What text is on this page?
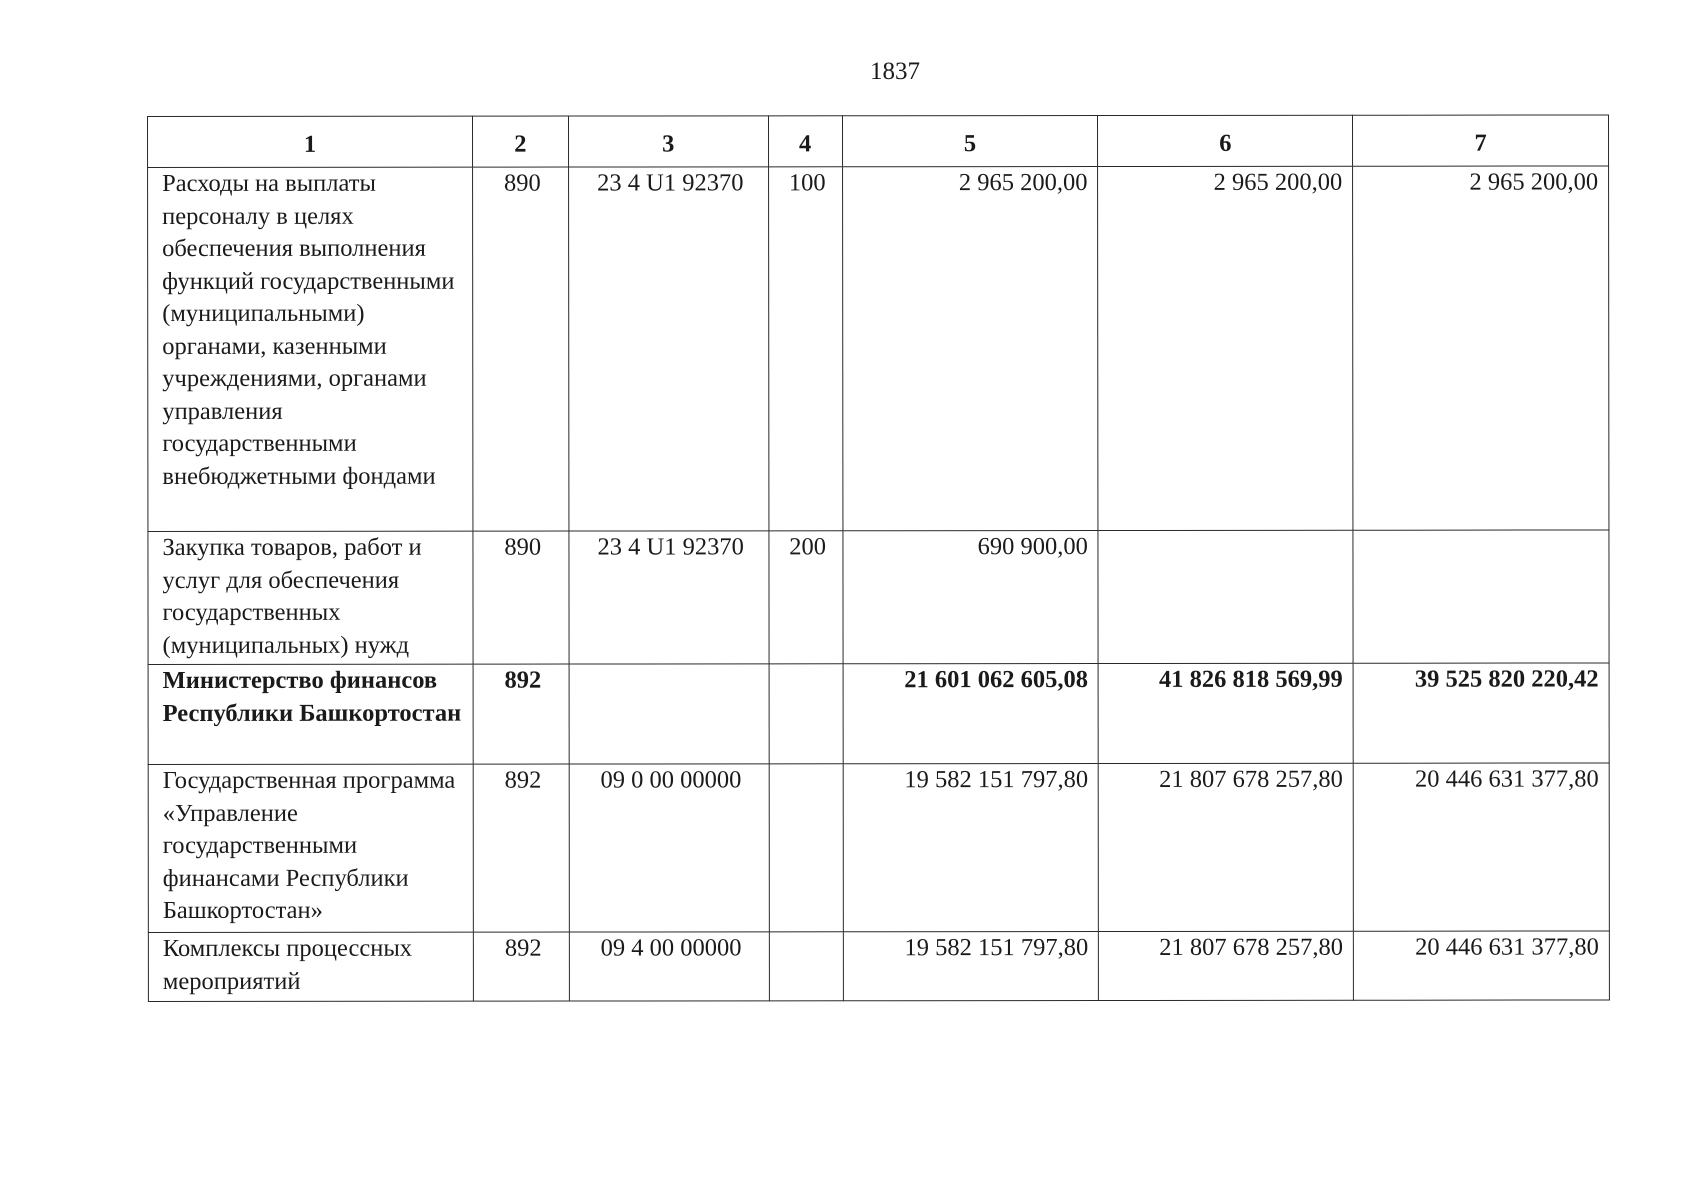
1837
1	2	3	4	5	6	7
Расходы на выплаты персоналу в целях обеспечения выполнения функций государственными (муниципальными) органами, казенными учреждениями, органами управления государственными внебюджетными фондами	890	23 4 U1 92370	100	2 965 200,00	2 965 200,00	2 965 200,00
Закупка товаров, работ и услуг для обеспечения государственных (муниципальных) нужд	890	23 4 U1 92370	200	690 900,00		
Министерство финансов Республики Башкортостан	892			21 601 062 605,08	41 826 818 569,99	39 525 820 220,42
Государственная программа «Управление государственными финансами Республики Башкортостан»	892	09 0 00 00000		19 582 151 797,80	21 807 678 257,80	20 446 631 377,80
Комплексы процессных мероприятий	892	09 4 00 00000		19 582 151 797,80	21 807 678 257,80	20 446 631 377,80
